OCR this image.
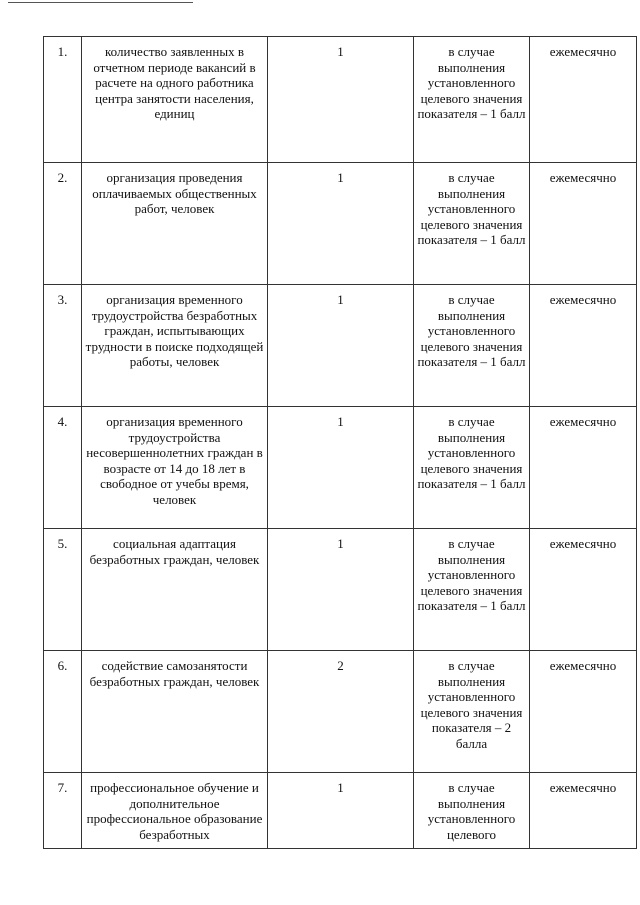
1.	количество заявленных в отчетном периоде вакансий в расчете на одного работника центра занятости населения, единиц	1	в случае выполнения установленного целевого значения показателя – 1 балл	ежемесячно
2.	организация проведения оплачиваемых общественных работ, человек	1	в случае выполнения установленного целевого значения показателя – 1 балл	ежемесячно
3.	организация временного трудоустройства безработных граждан, испытывающих трудности в поиске подходящей работы, человек	1	в случае выполнения установленного целевого значения показателя – 1 балл	ежемесячно
4.	организация временного трудоустройства несовершеннолетних граждан в возрасте от 14 до 18 лет в свободное от учебы время, человек	1	в случае выполнения установленного целевого значения показателя – 1 балл	ежемесячно
5.	социальная адаптация безработных граждан, человек	1	в случае выполнения установленного целевого значения показателя – 1 балл	ежемесячно
6.	содействие самозанятости безработных граждан, человек	2	в случае выполнения установленного целевого значения показателя – 2 балла	ежемесячно
7.	профессиональное обучение и дополнительное профессиональное образование безработных	1	в случае выполнения установленного целевого	ежемесячно
